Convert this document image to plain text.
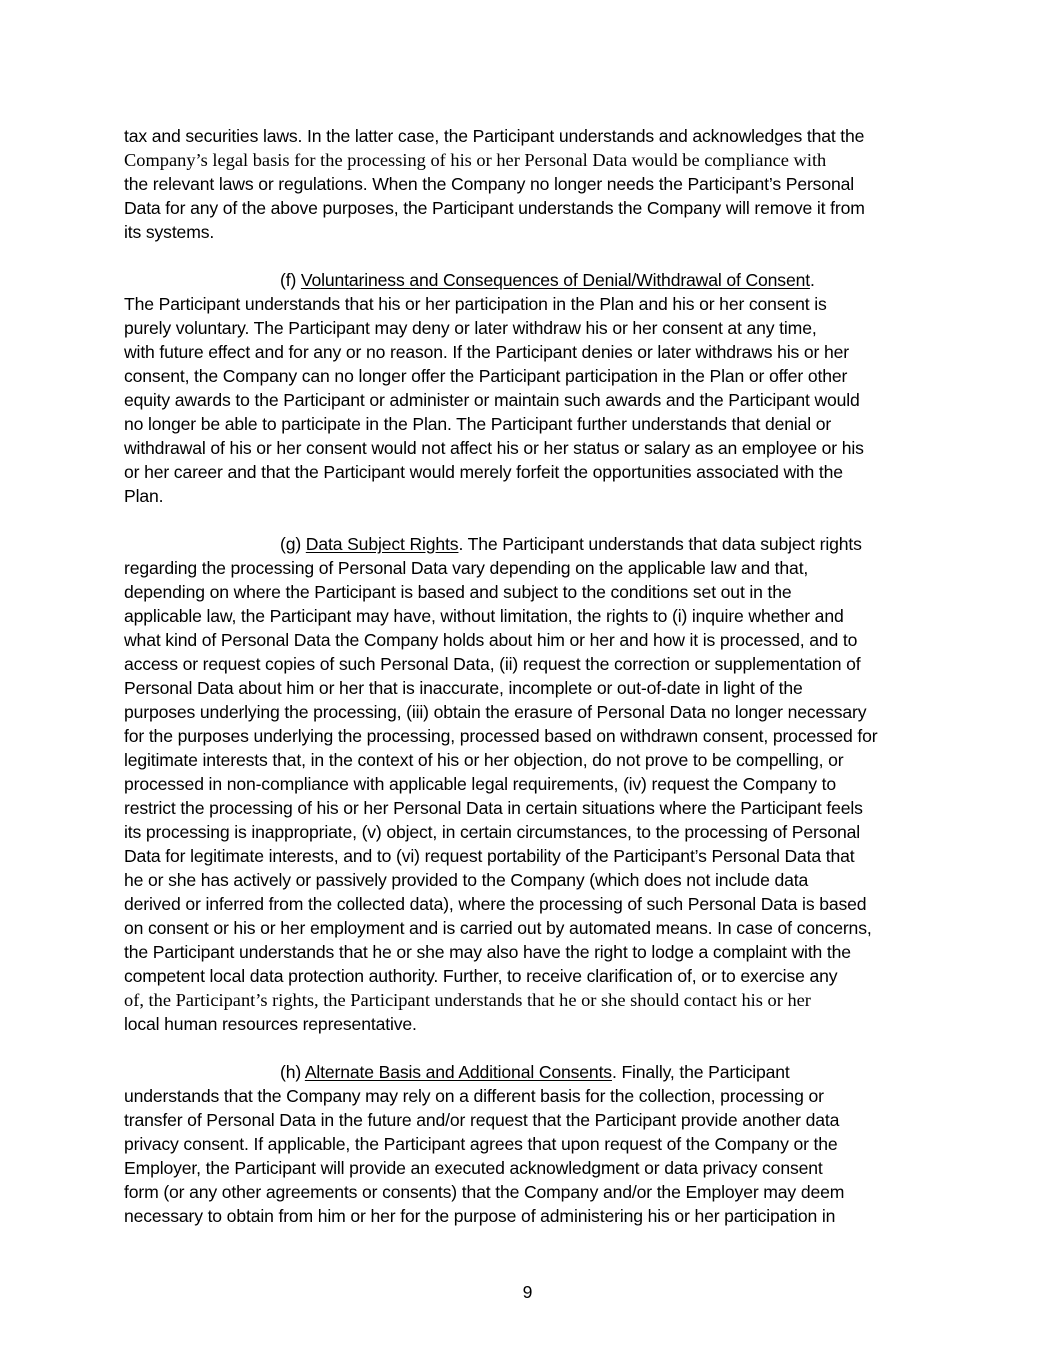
tax and securities laws. In the latter case, the Participant understands and acknowledges that the
Company’s legal basis for the processing of his or her Personal Data would be compliance with
the relevant laws or regulations. When the Company no longer needs the Participant’s Personal
Data for any of the above purposes, the Participant understands the Company will remove it from
its systems.
(f) Voluntariness and Consequences of Denial/Withdrawal of Consent.
The Participant understands that his or her participation in the Plan and his or her consent is
purely voluntary. The Participant may deny or later withdraw his or her consent at any time,
with future effect and for any or no reason. If the Participant denies or later withdraws his or her
consent, the Company can no longer offer the Participant participation in the Plan or offer other
equity awards to the Participant or administer or maintain such awards and the Participant would
no longer be able to participate in the Plan. The Participant further understands that denial or
withdrawal of his or her consent would not affect his or her status or salary as an employee or his
or her career and that the Participant would merely forfeit the opportunities associated with the
Plan.
(g) Data Subject Rights. The Participant understands that data subject rights
regarding the processing of Personal Data vary depending on the applicable law and that,
depending on where the Participant is based and subject to the conditions set out in the
applicable law, the Participant may have, without limitation, the rights to (i) inquire whether and
what kind of Personal Data the Company holds about him or her and how it is processed, and to
access or request copies of such Personal Data, (ii) request the correction or supplementation of
Personal Data about him or her that is inaccurate, incomplete or out-of-date in light of the
purposes underlying the processing, (iii) obtain the erasure of Personal Data no longer necessary
for the purposes underlying the processing, processed based on withdrawn consent, processed for
legitimate interests that, in the context of his or her objection, do not prove to be compelling, or
processed in non-compliance with applicable legal requirements, (iv) request the Company to
restrict the processing of his or her Personal Data in certain situations where the Participant feels
its processing is inappropriate, (v) object, in certain circumstances, to the processing of Personal
Data for legitimate interests, and to (vi) request portability of the Participant’s Personal Data that
he or she has actively or passively provided to the Company (which does not include data
derived or inferred from the collected data), where the processing of such Personal Data is based
on consent or his or her employment and is carried out by automated means. In case of concerns,
the Participant understands that he or she may also have the right to lodge a complaint with the
competent local data protection authority. Further, to receive clarification of, or to exercise any
of, the Participant’s rights, the Participant understands that he or she should contact his or her
local human resources representative.
(h) Alternate Basis and Additional Consents. Finally, the Participant
understands that the Company may rely on a different basis for the collection, processing or
transfer of Personal Data in the future and/or request that the Participant provide another data
privacy consent. If applicable, the Participant agrees that upon request of the Company or the
Employer, the Participant will provide an executed acknowledgment or data privacy consent
form (or any other agreements or consents) that the Company and/or the Employer may deem
necessary to obtain from him or her for the purpose of administering his or her participation in
9
